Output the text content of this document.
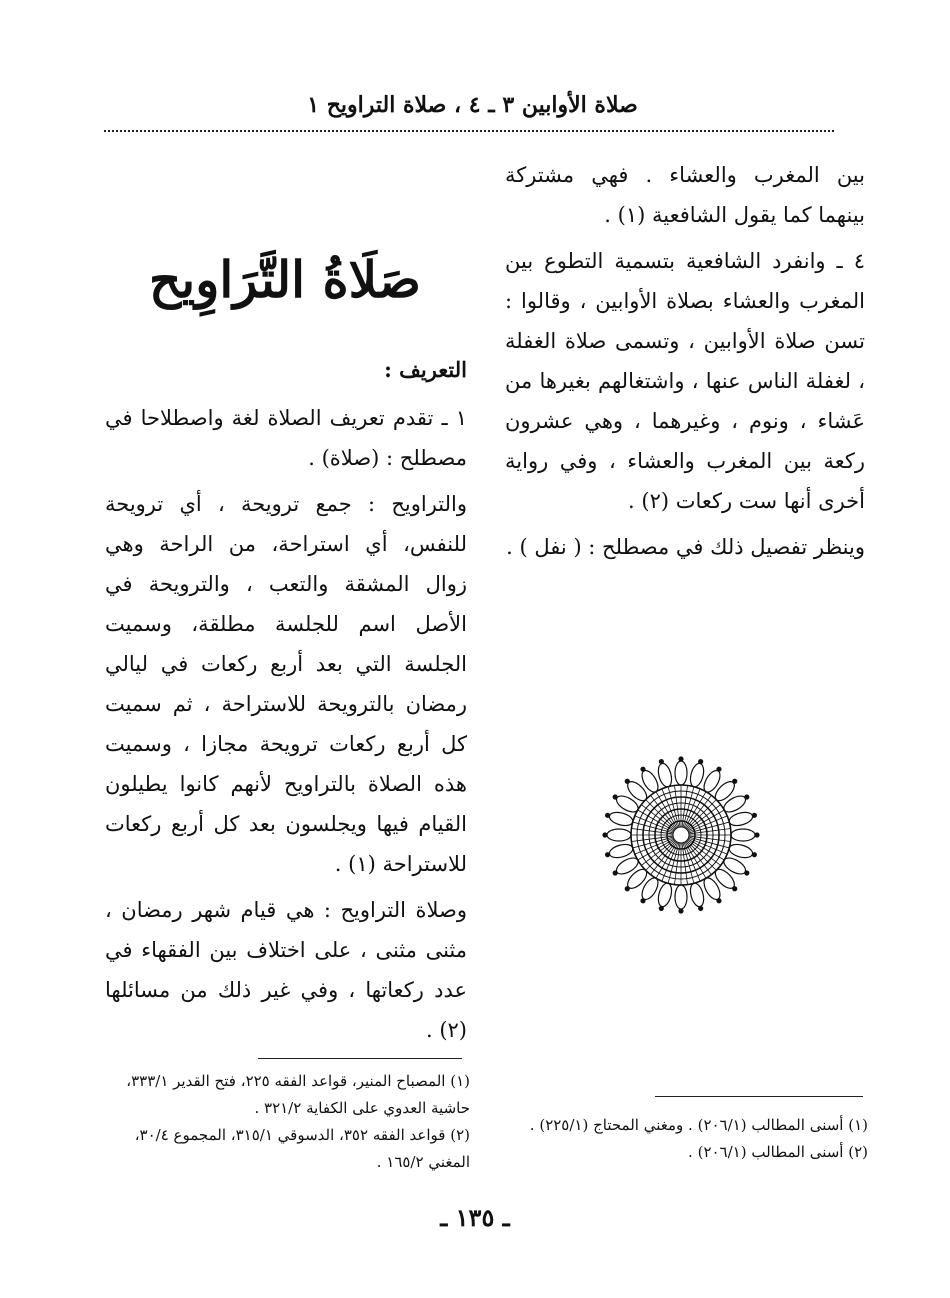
صلاة الأوابين ٣ ـ ٤ ، صلاة التراويح ١

بين المغرب والعشاء . فهي مشتركة بينهما كما يقول الشافعية (١) .

٤ ـ وانفرد الشافعية بتسمية التطوع بين المغرب والعشاء بصلاة الأوابين ، وقالوا : تسن صلاة الأوابين ، وتسمى صلاة الغفلة ، لغفلة الناس عنها ، واشتغالهم بغيرها من عَشاء ، ونوم ، وغيرهما ، وهي عشرون ركعة بين المغرب والعشاء ، وفي رواية أخرى أنها ست ركعات (٢) .

وينظر تفصيل ذلك في مصطلح : ( نفل ) .

صَلَاةُ التَّرَاوِيح

التعريف :

١ ـ تقدم تعريف الصلاة لغة واصطلاحا في مصطلح : (صلاة) .

والتراويح : جمع ترويحة ، أي ترويحة للنفس، أي استراحة، من الراحة وهي زوال المشقة والتعب ، والترويحة في الأصل اسم للجلسة مطلقة، وسميت الجلسة التي بعد أربع ركعات في ليالي رمضان بالترويحة للاستراحة ، ثم سميت كل أربع ركعات ترويحة مجازا ، وسميت هذه الصلاة بالتراويح لأنهم كانوا يطيلون القيام فيها ويجلسون بعد كل أربع ركعات للاستراحة (١) .

وصلاة التراويح : هي قيام شهر رمضان ، مثنى مثنى ، على اختلاف بين الفقهاء في عدد ركعاتها ، وفي غير ذلك من مسائلها (٢) .

(١) المصباح المنير، قواعد الفقه ٢٢٥، فتح القدير ٣٣٣/١، حاشية العدوي على الكفاية ٣٢١/٢ .

(٢) قواعد الفقه ٣٥٢، الدسوقي ٣١٥/١، المجموع ٣٠/٤، المغني ١٦٥/٢ .

(١) أسنى المطالب (٢٠٦/١) . ومغني المحتاج (٢٢٥/١) .

(٢) أسنى المطالب (٢٠٦/١) .

ـ ١٣٥ ـ
